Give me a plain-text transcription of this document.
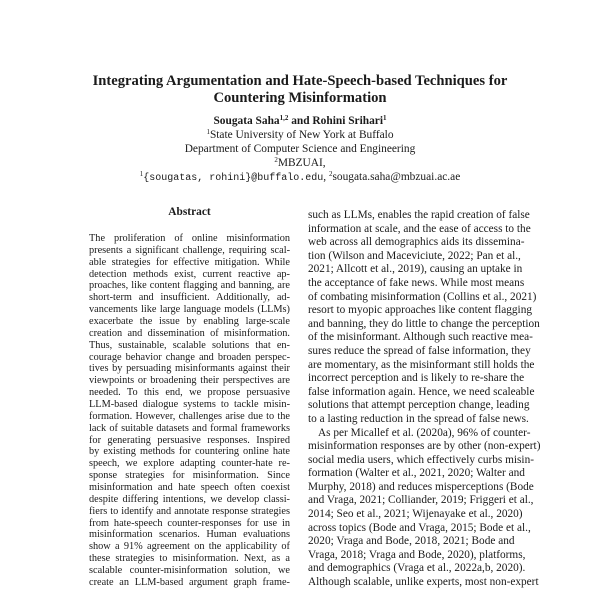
Integrating Argumentation and Hate-Speech-based Techniques for
Countering Misinformation
Sougata Saha$^{1,2}$ and Rohini Srihari$^1$
$^1$State University of New York at Buffalo
Department of Computer Science and Engineering
$^2$MBZUAI,
$^1${sougatas, rohini}@buffalo.edu, $^2$sougata.saha@mbzuai.ac.ae
Abstract
The proliferation of online misinformation
presents a significant challenge, requiring scal-
able strategies for effective mitigation. While
detection methods exist, current reactive ap-
proaches, like content flagging and banning, are
short-term and insufficient. Additionally, ad-
vancements like large language models (LLMs)
exacerbate the issue by enabling large-scale
creation and dissemination of misinformation.
Thus, sustainable, scalable solutions that en-
courage behavior change and broaden perspec-
tives by persuading misinformants against their
viewpoints or broadening their perspectives are
needed. To this end, we propose persuasive
LLM-based dialogue systems to tackle misin-
formation. However, challenges arise due to the
lack of suitable datasets and formal frameworks
for generating persuasive responses. Inspired
by existing methods for countering online hate
speech, we explore adapting counter-hate re-
sponse strategies for misinformation. Since
misinformation and hate speech often coexist
despite differing intentions, we develop classi-
fiers to identify and annotate response strategies
from hate-speech counter-responses for use in
misinformation scenarios. Human evaluations
show a 91% agreement on the applicability of
these strategies to misinformation. Next, as a
scalable counter-misinformation solution, we
create an LLM-based argument graph frame-
such as LLMs, enables the rapid creation of false
information at scale, and the ease of access to the
web across all demographics aids its dissemina-
tion (Wilson and Maceviciute, 2022; Pan et al.,
2021; Allcott et al., 2019), causing an uptake in
the acceptance of fake news. While most means
of combating misinformation (Collins et al., 2021)
resort to myopic approaches like content flagging
and banning, they do little to change the perception
of the misinformant. Although such reactive mea-
sures reduce the spread of false information, they
are momentary, as the misinformant still holds the
incorrect perception and is likely to re-share the
false information again. Hence, we need scaleable
solutions that attempt perception change, leading
to a lasting reduction in the spread of false news.
As per Micallef et al. (2020a), 96% of counter-
misinformation responses are by other (non-expert)
social media users, which effectively curbs misin-
formation (Walter et al., 2021, 2020; Walter and
Murphy, 2018) and reduces misperceptions (Bode
and Vraga, 2021; Colliander, 2019; Friggeri et al.,
2014; Seo et al., 2021; Wijenayake et al., 2020)
across topics (Bode and Vraga, 2015; Bode et al.,
2020; Vraga and Bode, 2018, 2021; Bode and
Vraga, 2018; Vraga and Bode, 2020), platforms,
and demographics (Vraga et al., 2022a,b, 2020).
Although scalable, unlike experts, most non-expert
